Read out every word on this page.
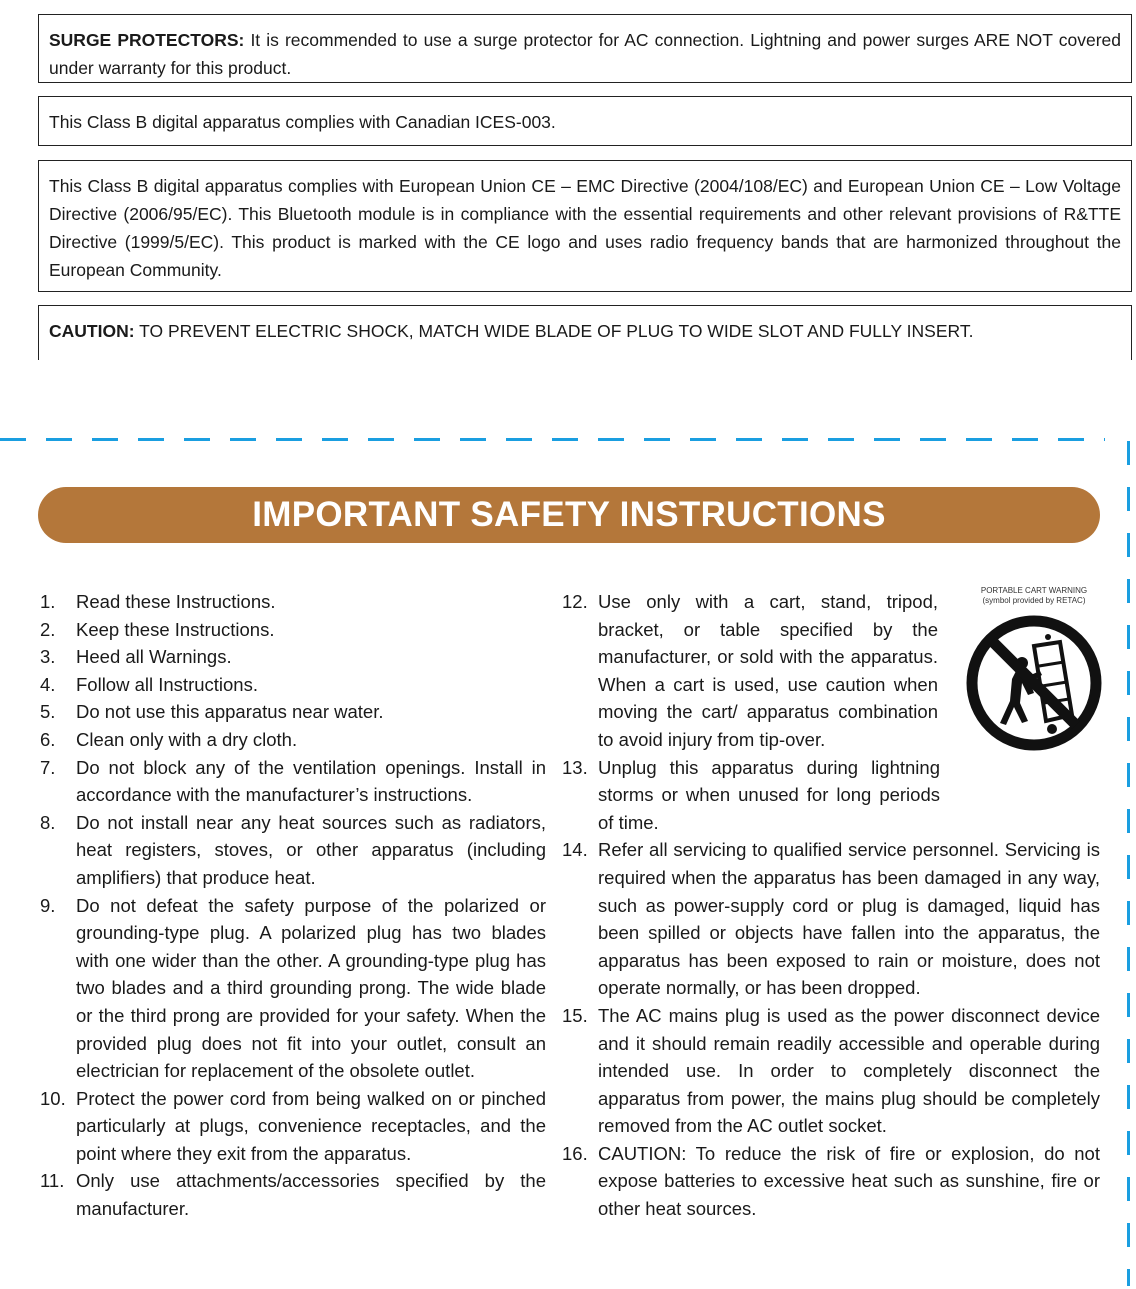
SURGE PROTECTORS: It is recommended to use a surge protector for AC connection. Lightning and power surges ARE NOT covered under warranty for this product.
This Class B digital apparatus complies with Canadian ICES-003.
This Class B digital apparatus complies with European Union CE – EMC Directive (2004/108/EC) and European Union CE – Low Voltage Directive (2006/95/EC). This Bluetooth module is in compliance with the essential requirements and other relevant provisions of R&TTE Directive (1999/5/EC). This product is marked with the CE logo and uses radio frequency bands that are harmonized throughout the European Community.
CAUTION: TO PREVENT ELECTRIC SHOCK, MATCH WIDE BLADE OF PLUG TO WIDE SLOT AND FULLY INSERT.
IMPORTANT SAFETY INSTRUCTIONS
1.	Read these Instructions.
2.	Keep these Instructions.
3.	Heed all Warnings.
4.	Follow all Instructions.
5.	Do not use this apparatus near water.
6.	Clean only with a dry cloth.
7.	Do not block any of the ventilation openings. Install in accordance with the manufacturer’s instructions.
8.	Do not install near any heat sources such as radiators, heat registers, stoves, or other apparatus (including amplifiers) that produce heat.
9.	Do not defeat the safety purpose of the polarized or grounding-type plug. A polarized plug has two blades with one wider than the other. A grounding-type plug has two blades and a third grounding prong. The wide blade or the third prong are provided for your safety. When the provided plug does not fit into your outlet, consult an electrician for replacement of the obsolete outlet.
10. Protect the power cord from being walked on or pinched particularly at plugs, convenience receptacles, and the point where they exit from the apparatus.
11. Only use attachments/accessories specified by the manufacturer.
12. Use only with a cart, stand, tripod, bracket, or table specified by the manufacturer, or sold with the apparatus. When a cart is used, use caution when moving the cart/ apparatus combination to avoid injury from tip-over.
13. Unplug this apparatus during lightning storms or when unused for long periods of time.
14. Refer all servicing to qualified service personnel. Servicing is required when the apparatus has been damaged in any way, such as power-supply cord or plug is damaged, liquid has been spilled or objects have fallen into the apparatus, the apparatus has been exposed to rain or moisture, does not operate normally, or has been dropped.
15. The AC mains plug is used as the power disconnect device and it should remain readily accessible and operable during intended use. In order to completely disconnect the apparatus from power, the mains plug should be completely removed from the AC outlet socket.
16. CAUTION: To reduce the risk of fire or explosion, do not expose batteries to excessive heat such as sunshine, fire or other heat sources.
PORTABLE CART WARNING
(symbol provided by RETAC)
